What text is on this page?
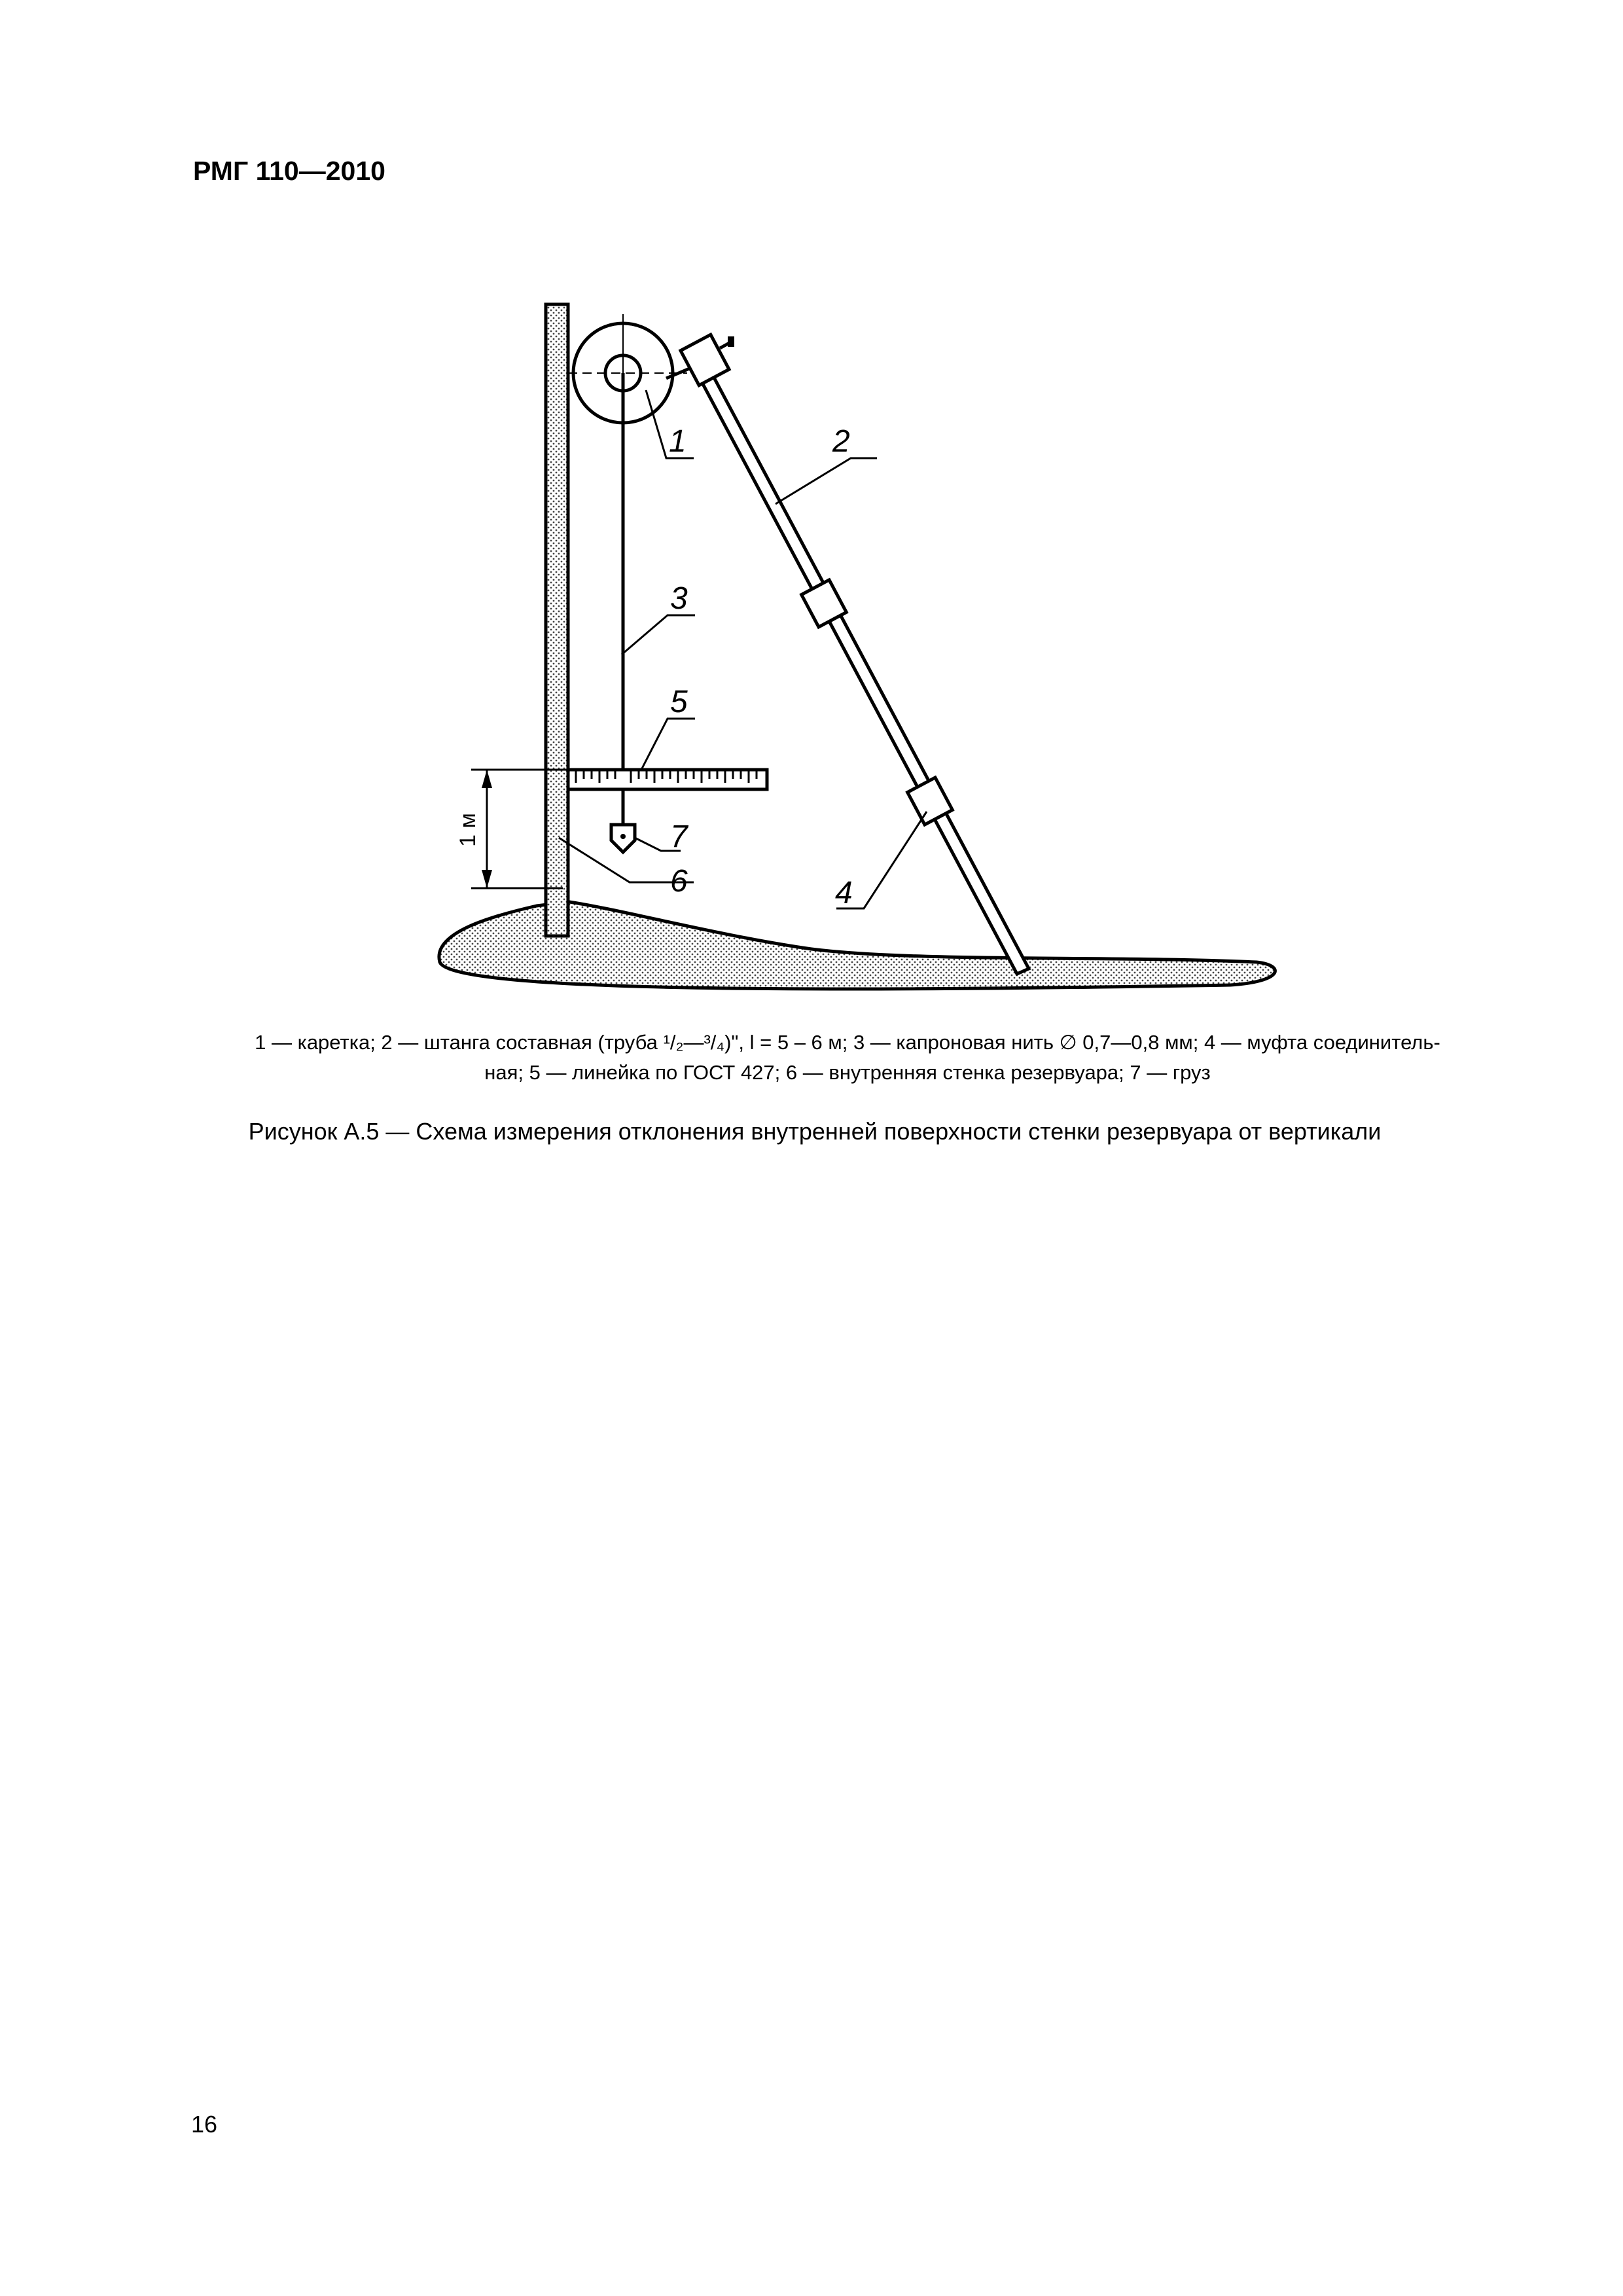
РМГ 110—2010
1 м
1	2
3
5
7
6	4
1 — каретка; 2 — штанга составная (труба ¹/₂—³/₄)ʺ, l = 5 – 6 м; 3 — капроновая нить ∅ 0,7—0,8 мм; 4 — муфта соединитель-
ная; 5 — линейка по ГОСТ 427; 6 — внутренняя стенка резервуара; 7 — груз
Рисунок А.5 — Схема измерения отклонения внутренней поверхности стенки резервуара от вертикали
16
